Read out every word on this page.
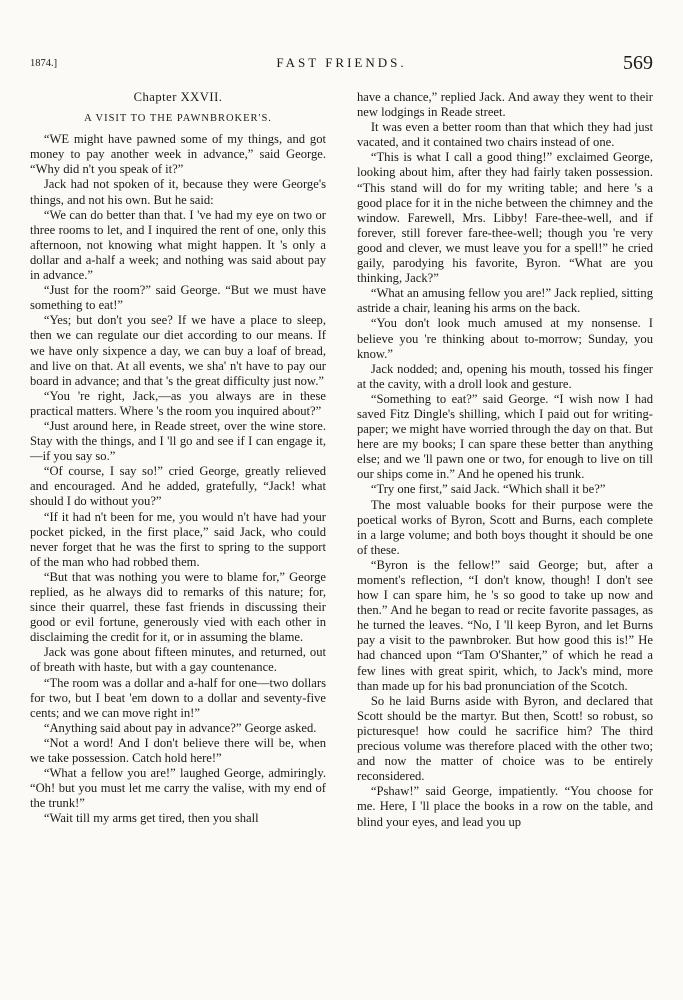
1874.]	FAST FRIENDS.	569
Chapter XXVII.
A VISIT TO THE PAWNBROKER'S.

“WE might have pawned some of my things, and got money to pay another week in advance,” said George. “Why did n't you speak of it?”

Jack had not spoken of it, because they were George's things, and not his own. But he said:

“We can do better than that. I 've had my eye on two or three rooms to let, and I inquired the rent of one, only this afternoon, not knowing what might happen. It 's only a dollar and a-half a week; and nothing was said about pay in advance.”

“Just for the room?” said George. “But we must have something to eat!”

“Yes; but don't you see? If we have a place to sleep, then we can regulate our diet according to our means. If we have only sixpence a day, we can buy a loaf of bread, and live on that. At all events, we sha' n't have to pay our board in advance; and that 's the great difficulty just now.”

“You 're right, Jack,—as you always are in these practical matters. Where 's the room you inquired about?”

“Just around here, in Reade street, over the wine store. Stay with the things, and I 'll go and see if I can engage it,—if you say so.”

“Of course, I say so!” cried George, greatly relieved and encouraged. And he added, gratefully, “Jack! what should I do without you?”

“If it had n't been for me, you would n't have had your pocket picked, in the first place,” said Jack, who could never forget that he was the first to spring to the support of the man who had robbed them.

“But that was nothing you were to blame for,” George replied, as he always did to remarks of this nature; for, since their quarrel, these fast friends in discussing their good or evil fortune, generously vied with each other in disclaiming the credit for it, or in assuming the blame.

Jack was gone about fifteen minutes, and returned, out of breath with haste, but with a gay countenance.

“The room was a dollar and a-half for one—two dollars for two, but I beat 'em down to a dollar and seventy-five cents; and we can move right in!”

“Anything said about pay in advance?” George asked.

“Not a word! And I don't believe there will be, when we take possession. Catch hold here!”

“What a fellow you are!” laughed George, admiringly. “Oh! but you must let me carry the valise, with my end of the trunk!”

“Wait till my arms get tired, then you shall

have a chance,” replied Jack. And away they went to their new lodgings in Reade street.

It was even a better room than that which they had just vacated, and it contained two chairs instead of one.

“This is what I call a good thing!” exclaimed George, looking about him, after they had fairly taken possession. “This stand will do for my writing table; and here 's a good place for it in the niche between the chimney and the window. Farewell, Mrs. Libby! Fare-thee-well, and if forever, still forever fare-thee-well; though you 're very good and clever, we must leave you for a spell!” he cried gaily, parodying his favorite, Byron. “What are you thinking, Jack?”

“What an amusing fellow you are!” Jack replied, sitting astride a chair, leaning his arms on the back.

“You don't look much amused at my nonsense. I believe you 're thinking about to-morrow; Sunday, you know.”

Jack nodded; and, opening his mouth, tossed his finger at the cavity, with a droll look and gesture.

“Something to eat?” said George. “I wish now I had saved Fitz Dingle's shilling, which I paid out for writing-paper; we might have worried through the day on that. But here are my books; I can spare these better than anything else; and we 'll pawn one or two, for enough to live on till our ships come in.” And he opened his trunk.

“Try one first,” said Jack. “Which shall it be?”

The most valuable books for their purpose were the poetical works of Byron, Scott and Burns, each complete in a large volume; and both boys thought it should be one of these.

“Byron is the fellow!” said George; but, after a moment's reflection, “I don't know, though! I don't see how I can spare him, he 's so good to take up now and then.” And he began to read or recite favorite passages, as he turned the leaves. “No, I 'll keep Byron, and let Burns pay a visit to the pawnbroker. But how good this is!” He had chanced upon “Tam O'Shanter,” of which he read a few lines with great spirit, which, to Jack's mind, more than made up for his bad pronunciation of the Scotch.

So he laid Burns aside with Byron, and declared that Scott should be the martyr. But then, Scott! so robust, so picturesque! how could he sacrifice him? The third precious volume was therefore placed with the other two; and now the matter of choice was to be entirely reconsidered.

“Pshaw!” said George, impatiently. “You choose for me. Here, I 'll place the books in a row on the table, and blind your eyes, and lead you up
